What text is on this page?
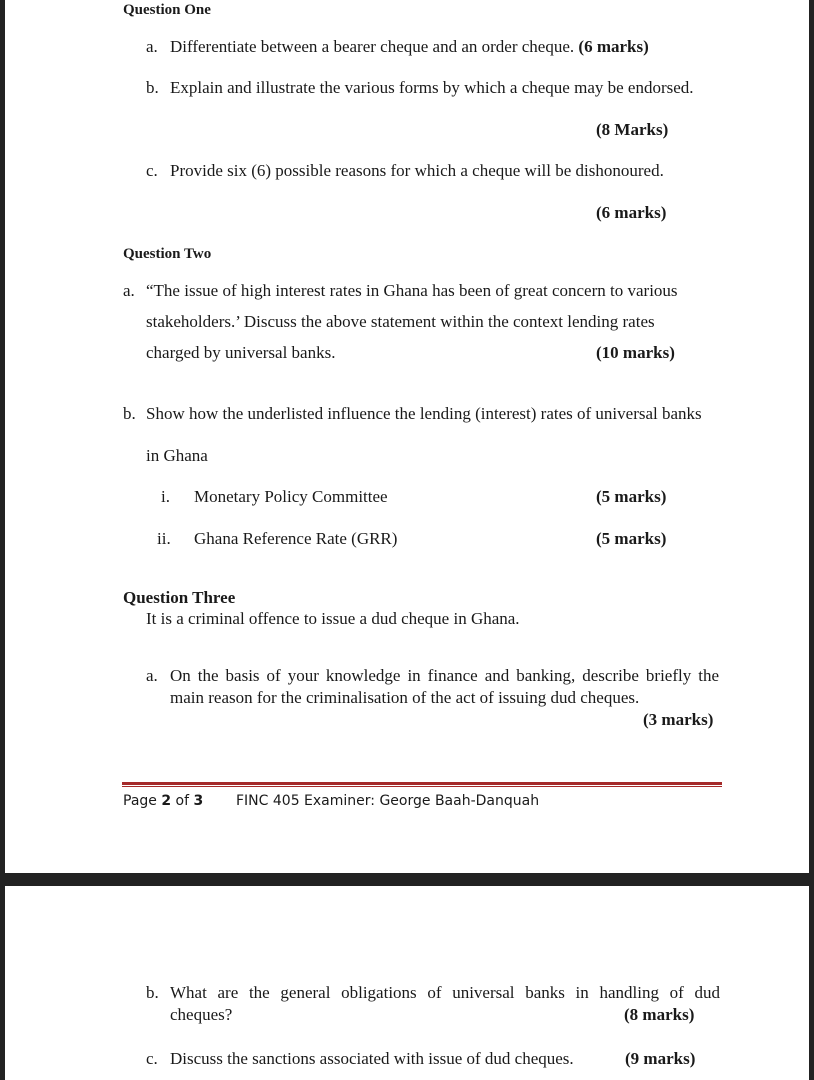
Question One
a. Differentiate between a bearer cheque and an order cheque. (6 marks)
b. Explain and illustrate the various forms by which a cheque may be endorsed.
(8 Marks)
c. Provide six (6) possible reasons for which a cheque will be dishonoured.
(6 marks)
Question Two
a. “The issue of high interest rates in Ghana has been of great concern to various
stakeholders.’ Discuss the above statement within the context lending rates
charged by universal banks.	(10 marks)
b. Show how the underlisted influence the lending (interest) rates of universal banks
in Ghana
i. Monetary Policy Committee	(5 marks)
ii. Ghana Reference Rate (GRR)	(5 marks)
Question Three
It is a criminal offence to issue a dud cheque in Ghana.
a. On the basis of your knowledge in finance and banking, describe briefly the
main reason for the criminalisation of the act of issuing dud cheques.
(3 marks)
Page 2 of 3 FINC 405 Examiner: George Baah-Danquah
b. What are the general obligations of universal banks in handling of dud
cheques?	(8 marks)
c. Discuss the sanctions associated with issue of dud cheques.	(9 marks)
